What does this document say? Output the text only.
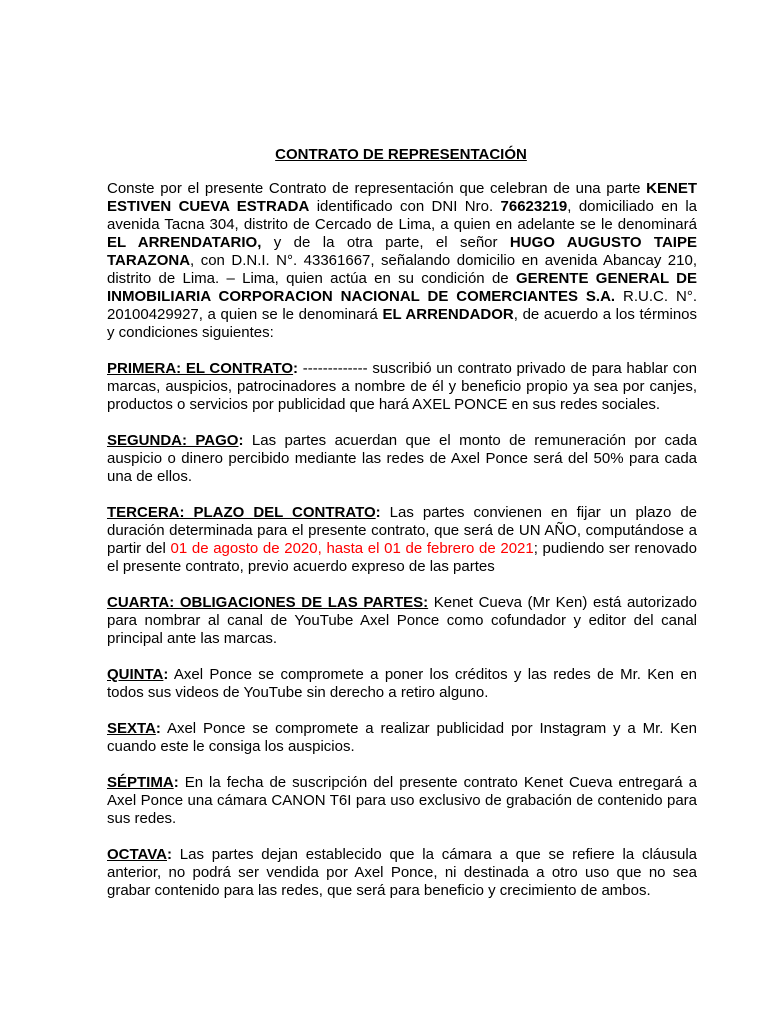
CONTRATO DE REPRESENTACIÓN

Conste por el presente Contrato de representación que celebran de una parte KENET ESTIVEN CUEVA ESTRADA identificado con DNI Nro. 76623219, domiciliado en la avenida Tacna 304, distrito de Cercado de Lima, a quien en adelante se le denominará EL ARRENDATARIO, y de la otra parte, el señor HUGO AUGUSTO TAIPE TARAZONA, con D.N.I. N°. 43361667, señalando domicilio en avenida Abancay 210, distrito de Lima. – Lima, quien actúa en su condición de GERENTE GENERAL DE INMOBILIARIA CORPORACION NACIONAL DE COMERCIANTES S.A. R.U.C. N°. 20100429927, a quien se le denominará EL ARRENDADOR, de acuerdo a los términos y condiciones siguientes:

PRIMERA: EL CONTRATO: ------------- suscribió un contrato privado de para hablar con marcas, auspicios, patrocinadores a nombre de él y beneficio propio ya sea por canjes, productos o servicios por publicidad que hará AXEL PONCE en sus redes sociales.

SEGUNDA: PAGO: Las partes acuerdan que el monto de remuneración por cada auspicio o dinero percibido mediante las redes de Axel Ponce será del 50% para cada una de ellos.

TERCERA: PLAZO DEL CONTRATO: Las partes convienen en fijar un plazo de duración determinada para el presente contrato, que será de UN AÑO, computándose a partir del 01 de agosto de 2020, hasta el 01 de febrero de 2021; pudiendo ser renovado el presente contrato, previo acuerdo expreso de las partes

CUARTA: OBLIGACIONES DE LAS PARTES: Kenet Cueva (Mr Ken) está autorizado para nombrar al canal de YouTube Axel Ponce como cofundador y editor del canal principal ante las marcas.

QUINTA: Axel Ponce se compromete a poner los créditos y las redes de Mr. Ken en todos sus videos de YouTube sin derecho a retiro alguno.

SEXTA: Axel Ponce se compromete a realizar publicidad por Instagram y a Mr. Ken cuando este le consiga los auspicios.

SÉPTIMA: En la fecha de suscripción del presente contrato Kenet Cueva entregará a Axel Ponce una cámara CANON T6I para uso exclusivo de grabación de contenido para sus redes.

OCTAVA: Las partes dejan establecido que la cámara a que se refiere la cláusula anterior, no podrá ser vendida por Axel Ponce, ni destinada a otro uso que no sea grabar contenido para las redes, que será para beneficio y crecimiento de ambos.
